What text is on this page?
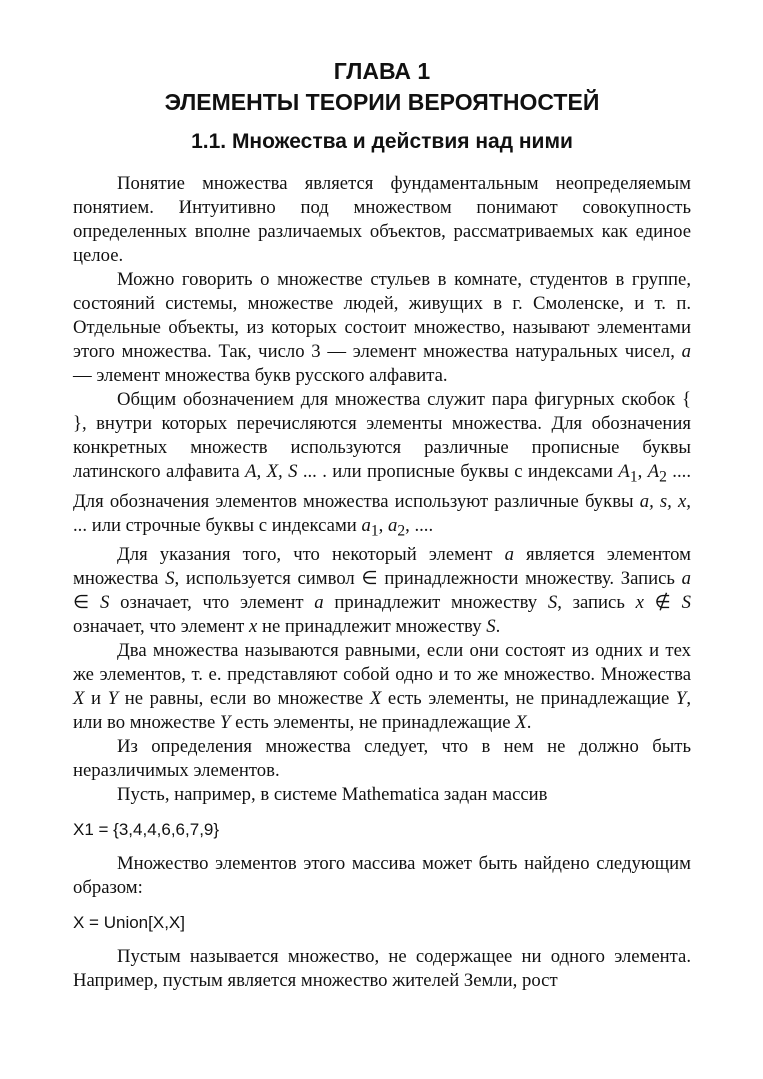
ГЛАВА 1
ЭЛЕМЕНТЫ ТЕОРИИ ВЕРОЯТНОСТЕЙ
1.1. Множества и действия над ними

Понятие множества является фундаментальным неопределяемым понятием. Интуитивно под множеством понимают совокупность определенных вполне различаемых объектов, рассматриваемых как единое целое.

Можно говорить о множестве стульев в комнате, студентов в группе, состояний системы, множестве людей, живущих в г. Смоленске, и т. п. Отдельные объекты, из которых состоит множество, называют элементами этого множества. Так, число 3 — элемент множества натуральных чисел, a — элемент множества букв русского алфавита.

Общим обозначением для множества служит пара фигурных скобок { }, внутри которых перечисляются элементы множества. Для обозначения конкретных множеств используются различные прописные буквы латинского алфавита A, X, S ... . или прописные буквы с индексами $A_1$, $A_2$ .... Для обозначения элементов множества используют различные буквы a, s, x, ... или строчные буквы с индексами $a_1$, $a_2$, ....

Для указания того, что некоторый элемент a является элементом множества S, используется символ ∈ принадлежности множеству. Запись a ∈ S означает, что элемент a принадлежит множеству S, запись x ∉ S означает, что элемент x не принадлежит множеству S.

Два множества называются равными, если они состоят из одних и тех же элементов, т. е. представляют собой одно и то же множество. Множества X и Y не равны, если во множестве X есть элементы, не принадлежащие Y, или во множестве Y есть элементы, не принадлежащие X.

Из определения множества следует, что в нем не должно быть неразличимых элементов.

Пусть, например, в системе Mathematica задан массив

X1 = {3,4,4,6,6,7,9}

Множество элементов этого массива может быть найдено следующим образом:

X = Union[X,X]

Пустым называется множество, не содержащее ни одного элемента. Например, пустым является множество жителей Земли, рост
